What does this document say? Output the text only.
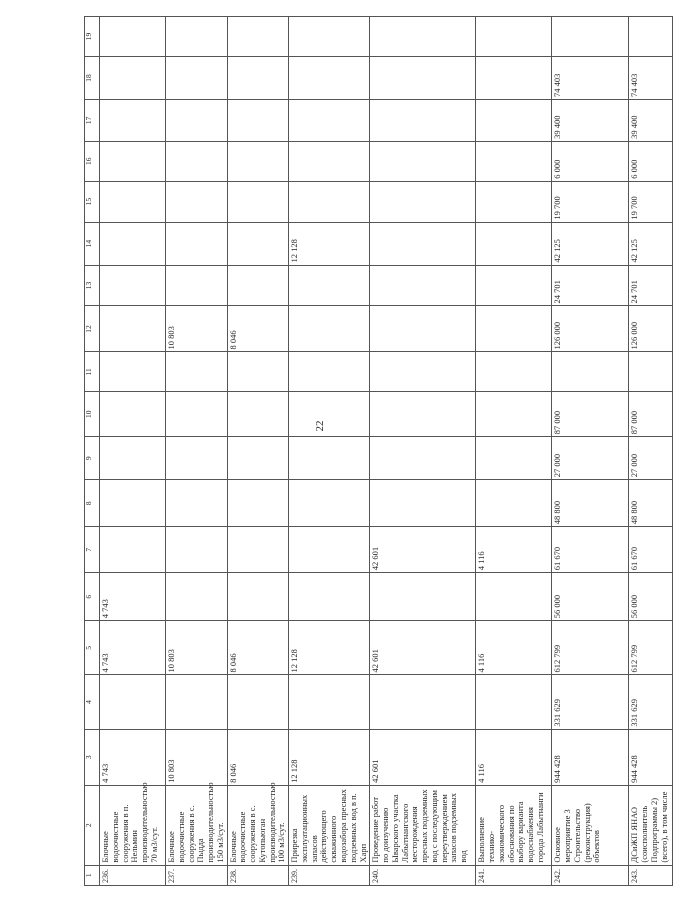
22
1	2	3	4	5	6	7	8	9	10	11	12	13	14	15	16	17	18	19
236.	Блочные водоочистные сооружения в п. Нельмин производительностью 70 м3/сут.	4 743		4 743	4 743													
237.	Блочные водоочистные сооружения в с. Пыдда производительностью 150 м3/сут.	10 803		10 803							10 803							
238.	Блочные водоочистные сооружения в с. Кутопьюган производительностью 100 м3/сут.	8 046		8 046							8 046							
239.	Прирезка эксплуатационных запасов действующего скважинного водозабора пресных подземных вод в п. Харп	12 128		12 128									12 128					
240.	Проведение работ по доизучению Ыварского участка Лабытнангского месторождения пресных подземных вод с последующим переутверждением запасов подземных вод	42 601		42 601		42 601												
241.	Выполнение технико-экономического обоснования по выбору варианта водоснабжения города Лабытнанги	4 116		4 116		4 116												
242.	Основное мероприятие 3 Строительство (реконструкция) объектов	944 428	331 629	612 799	56 000	61 670	48 800	27 000	87 000		126 000	24 701	42 125	19 700	6 000	39 400	74 403	
243.	ДСиЖП ЯНАО (соисполнитель Подпрограммы 2) (всего), в том числе	944 428	331 629	612 799	56 000	61 670	48 800	27 000	87 000		126 000	24 701	42 125	19 700	6 000	39 400	74 403	
